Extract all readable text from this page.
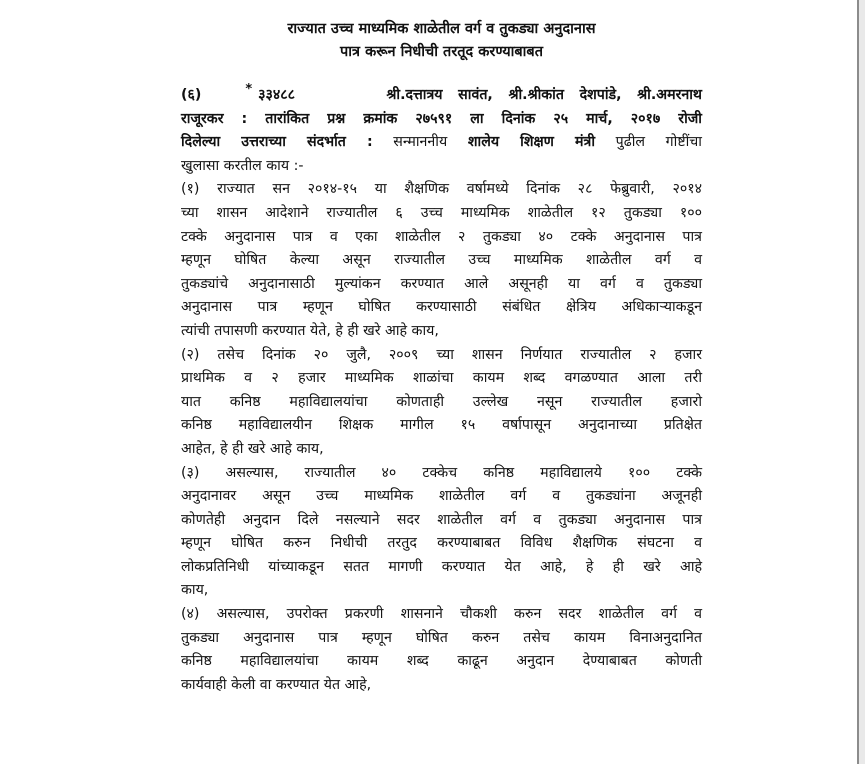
राज्यात उच्च माध्यमिक शाळेतील वर्ग व तुकड्या अनुदानास
पात्र करून निधीची तरतूद करण्याबाबत
(६)	* ३३४८८	श्री.दत्तात्रय सावंत, श्री.श्रीकांत देशपांडे, श्री.अमरनाथ
राजूरकर : तारांकित प्रश्न क्रमांक २७५९१ ला दिनांक २५ मार्च, २०१७ रोजी
दिलेल्या उत्तराच्या संदर्भात : सन्माननीय शालेय शिक्षण मंत्री पुढील गोष्टींचा
खुलासा करतील काय :-
(१) राज्यात सन २०१४-१५ या शैक्षणिक वर्षामध्ये दिनांक २८ फेब्रुवारी, २०१४
च्या शासन आदेशाने राज्यातील ६ उच्च माध्यमिक शाळेतील १२ तुकड्या १००
टक्के अनुदानास पात्र व एका शाळेतील २ तुकड्या ४० टक्के अनुदानास पात्र
म्हणून घोषित केल्या असून राज्यातील उच्च माध्यमिक शाळेतील वर्ग व
तुकड्यांचे अनुदानासाठी मुल्यांकन करण्यात आले असूनही या वर्ग व तुकड्या
अनुदानास पात्र म्हणून घोषित करण्यासाठी संबंधित क्षेत्रिय अधिकाऱ्याकडून
त्यांची तपासणी करण्यात येते, हे ही खरे आहे काय,
(२) तसेच दिनांक २० जुलै, २००९ च्या शासन निर्णयात राज्यातील २ हजार
प्राथमिक व २ हजार माध्यमिक शाळांचा कायम शब्द वगळण्यात आला तरी
यात कनिष्ठ महाविद्यालयांचा कोणताही उल्लेख नसून राज्यातील हजारो
कनिष्ठ महाविद्यालयीन शिक्षक मागील १५ वर्षापासून अनुदानाच्या प्रतिक्षेत
आहेत, हे ही खरे आहे काय,
(३) असल्यास, राज्यातील ४० टक्केच कनिष्ठ महाविद्यालये १०० टक्के
अनुदानावर असून उच्च माध्यमिक शाळेतील वर्ग व तुकड्यांना अजूनही
कोणतेही अनुदान दिले नसल्याने सदर शाळेतील वर्ग व तुकड्या अनुदानास पात्र
म्हणून घोषित करुन निधीची तरतुद करण्याबाबत विविध शैक्षणिक संघटना व
लोकप्रतिनिधी यांच्याकडून सतत मागणी करण्यात येत आहे, हे ही खरे आहे
काय,
(४) असल्यास, उपरोक्त प्रकरणी शासनाने चौकशी करुन सदर शाळेतील वर्ग व
तुकड्या अनुदानास पात्र म्हणून घोषित करुन तसेच कायम विनाअनुदानित
कनिष्ठ महाविद्यालयांचा कायम शब्द काढून अनुदान देण्याबाबत कोणती
कार्यवाही केली वा करण्यात येत आहे,
